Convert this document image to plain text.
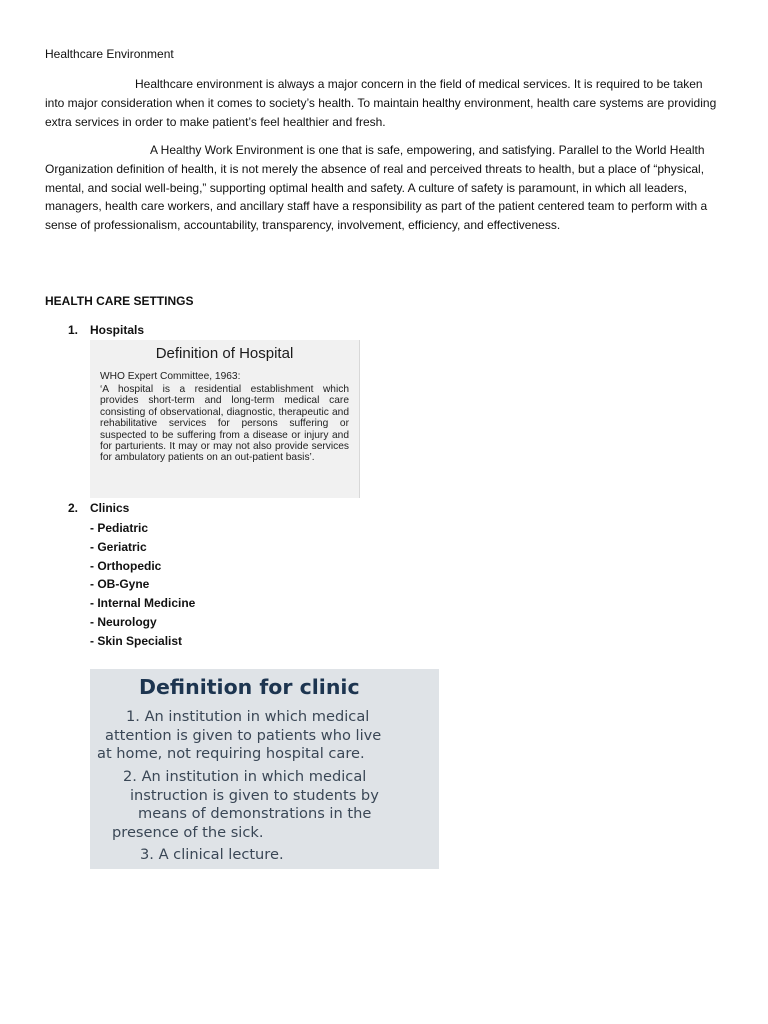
Healthcare Environment

Healthcare environment is always a major concern in the field of medical services. It is required to be taken into major consideration when it comes to society’s health. To maintain healthy environment, health care systems are providing extra services in order to make patient’s feel healthier and fresh.

A Healthy Work Environment is one that is safe, empowering, and satisfying. Parallel to the World Health Organization definition of health, it is not merely the absence of real and perceived threats to health, but a place of “physical, mental, and social well-being,” supporting optimal health and safety. A culture of safety is paramount, in which all leaders, managers, health care workers, and ancillary staff have a responsibility as part of the patient centered team to perform with a sense of professionalism, accountability, transparency, involvement, efficiency, and effectiveness.

HEALTH CARE SETTINGS

1. Hospitals

Definition of Hospital

WHO Expert Committee, 1963:

‘A hospital is a residential establishment which provides short-term and long-term medical care consisting of observational, diagnostic, therapeutic and rehabilitative services for persons suffering or suspected to be suffering from a disease or injury and for parturients. It may or may not also provide services for ambulatory patients on an out-patient basis’.

2. Clinics

- Pediatric
- Geriatric
- Orthopedic
- OB-Gyne
- Internal Medicine
- Neurology
- Skin Specialist

Definition for clinic

1. An institution in which medical

attention is given to patients who live

at home, not requiring hospital care.

2. An institution in which medical

instruction is given to students by

means of demonstrations in the

presence of the sick.

3. A clinical lecture.
